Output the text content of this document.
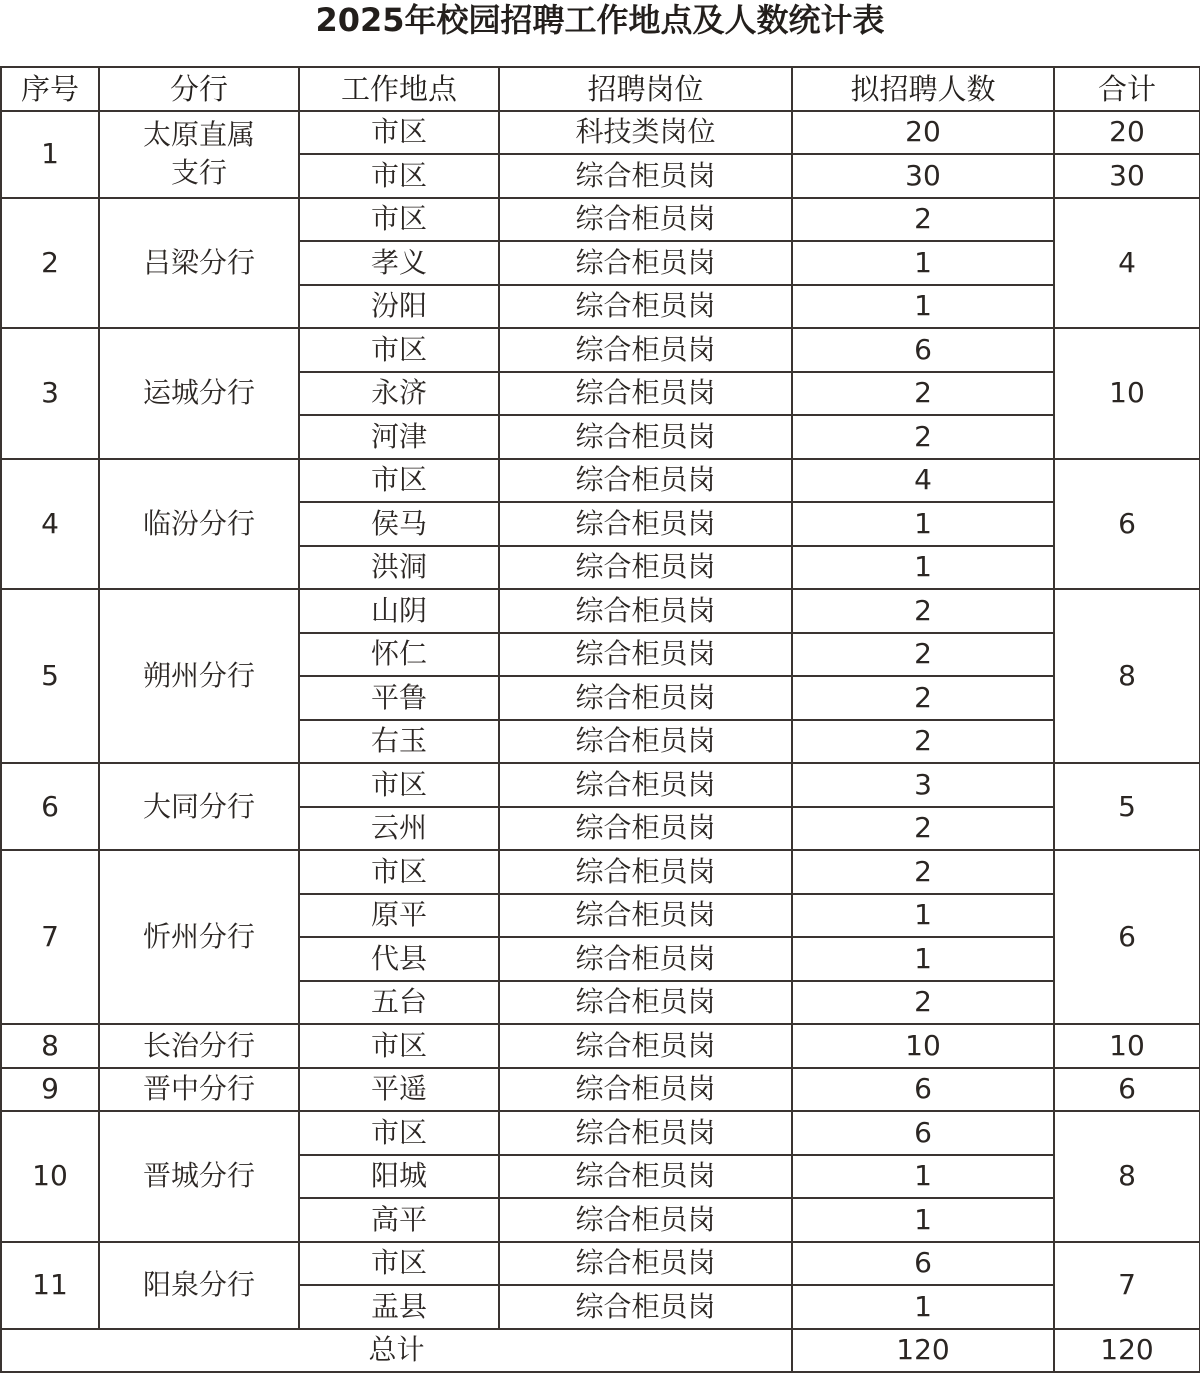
2025年校园招聘工作地点及人数统计表
序号	分行	工作地点	招聘岗位	拟招聘人数	合计
1	太原直属支行	市区	科技类岗位	20	20
		市区	综合柜员岗	30	30
2	吕梁分行	市区	综合柜员岗	2	4
		孝义	综合柜员岗	1	
		汾阳	综合柜员岗	1	
3	运城分行	市区	综合柜员岗	6	10
		永济	综合柜员岗	2	
		河津	综合柜员岗	2	
4	临汾分行	市区	综合柜员岗	4	6
		侯马	综合柜员岗	1	
		洪洞	综合柜员岗	1	
5	朔州分行	山阴	综合柜员岗	2	8
		怀仁	综合柜员岗	2	
		平鲁	综合柜员岗	2	
		右玉	综合柜员岗	2	
6	大同分行	市区	综合柜员岗	3	5
		云州	综合柜员岗	2	
7	忻州分行	市区	综合柜员岗	2	6
		原平	综合柜员岗	1	
		代县	综合柜员岗	1	
		五台	综合柜员岗	2	
8	长治分行	市区	综合柜员岗	10	10
9	晋中分行	平遥	综合柜员岗	6	6
10	晋城分行	市区	综合柜员岗	6	8
		阳城	综合柜员岗	1	
		高平	综合柜员岗	1	
11	阳泉分行	市区	综合柜员岗	6	7
		盂县	综合柜员岗	1	
总计				120	120
